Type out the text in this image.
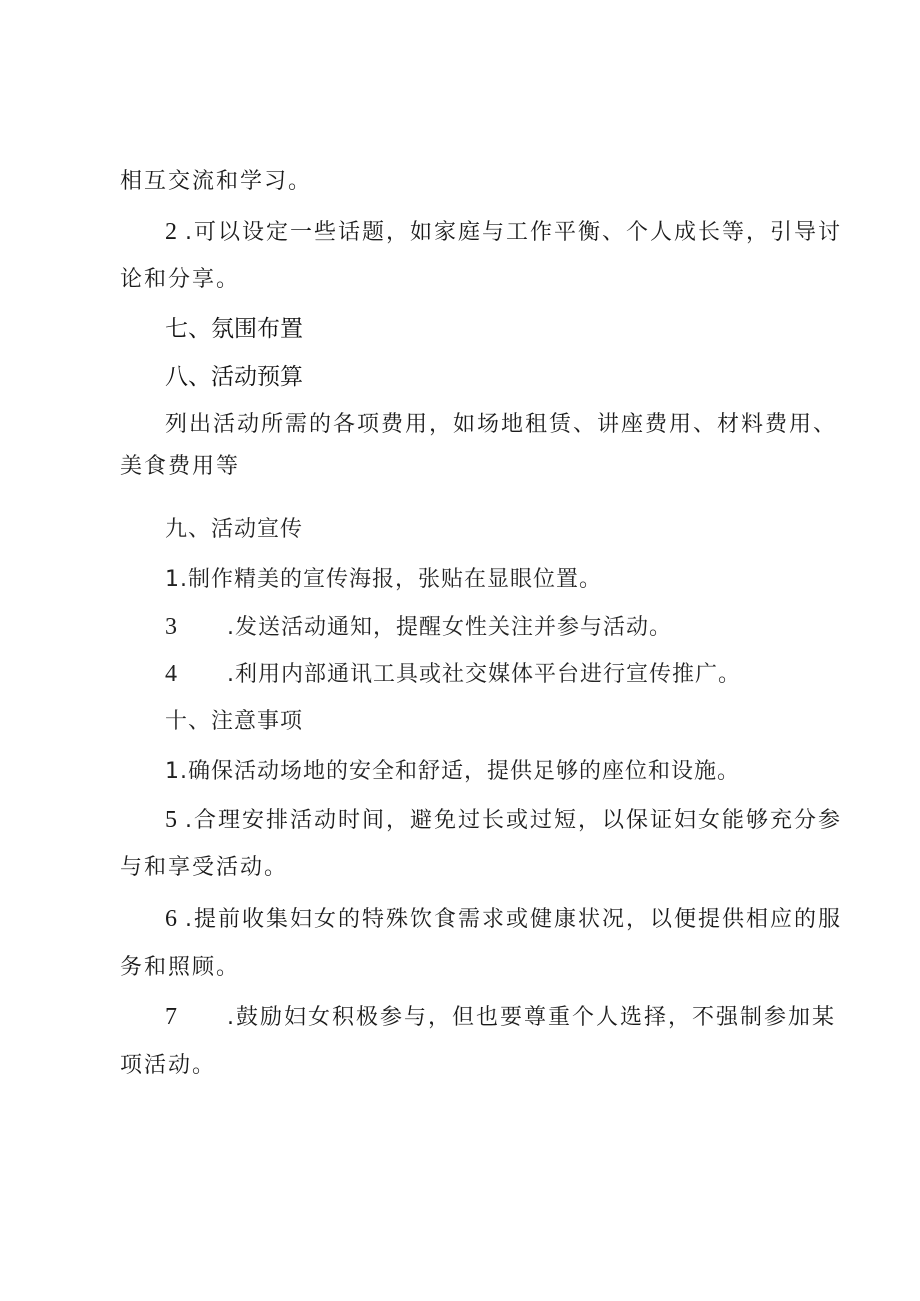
相互交流和学习。
2 .可以设定一些话题，如家庭与工作平衡、个人成长等，引导讨
论和分享。
七、氛围布置
八、活动预算
列出活动所需的各项费用，如场地租赁、讲座费用、材料费用、
美食费用等
九、活动宣传
1.制作精美的宣传海报，张贴在显眼位置。
3 .发送活动通知，提醒女性关注并参与活动。
4 .利用内部通讯工具或社交媒体平台进行宣传推广。
十、注意事项
1.确保活动场地的安全和舒适，提供足够的座位和设施。
5 .合理安排活动时间，避免过长或过短，以保证妇女能够充分参
与和享受活动。
6 .提前收集妇女的特殊饮食需求或健康状况，以便提供相应的服
务和照顾。
7 .鼓励妇女积极参与，但也要尊重个人选择，不强制参加某
项活动。
